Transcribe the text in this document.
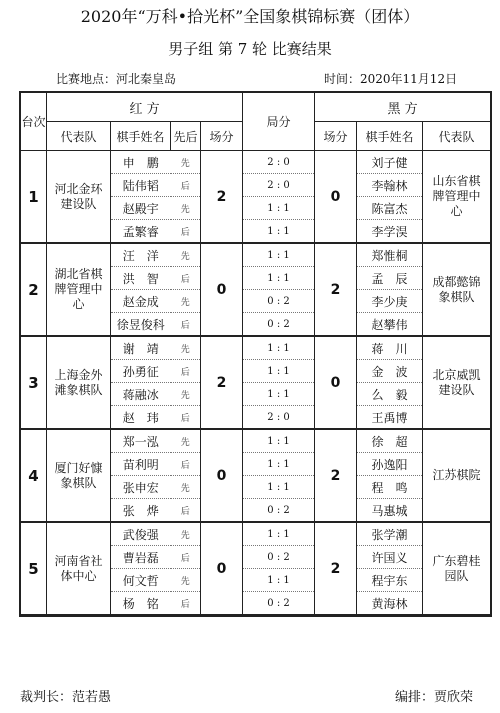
2020年“万科•拾光杯”全国象棋锦标赛（团体）
男子组 第 7 轮 比赛结果
比赛地点：河北秦皇岛	时间：2020年11月12日
台次	红 方				局分	黑 方		
	代表队	棋手姓名	先后	场分		场分	棋手姓名	代表队
1	河北金环建设队	申　鹏	先	2	2 : 0	0	刘子健	山东省棋牌管理中心
		陆伟韬	后		2 : 0		李翰林	
		赵殿宇	先		1 : 1		陈富杰	
		孟繁睿	后		1 : 1		李学淏	
2	湖北省棋牌管理中心	汪　洋	先	0	1 : 1	2	郑惟桐	成都懿锦象棋队
		洪　智	后		1 : 1		孟　辰	
		赵金成	先		0 : 2		李少庚	
		徐昱俊科	后		0 : 2		赵攀伟	
3	上海金外滩象棋队	谢　靖	先	2	1 : 1	0	蒋　川	北京威凯建设队
		孙勇征	后		1 : 1		金　波	
		蒋融冰	先		1 : 1		么　毅	
		赵　玮	后		2 : 0		王禹博	
4	厦门好慷象棋队	郑一泓	先	0	1 : 1	2	徐　超	江苏棋院
		苗利明	后		1 : 1		孙逸阳	
		张申宏	先		1 : 1		程　鸣	
		张　烨	后		0 : 2		马惠城	
5	河南省社体中心	武俊强	先	0	1 : 1	2	张学潮	广东碧桂园队
		曹岩磊	后		0 : 2		许国义	
		何文哲	先		1 : 1		程宇东	
		杨　铭	后		0 : 2		黄海林	
裁判长：范若愚	编排：贾欣荣
